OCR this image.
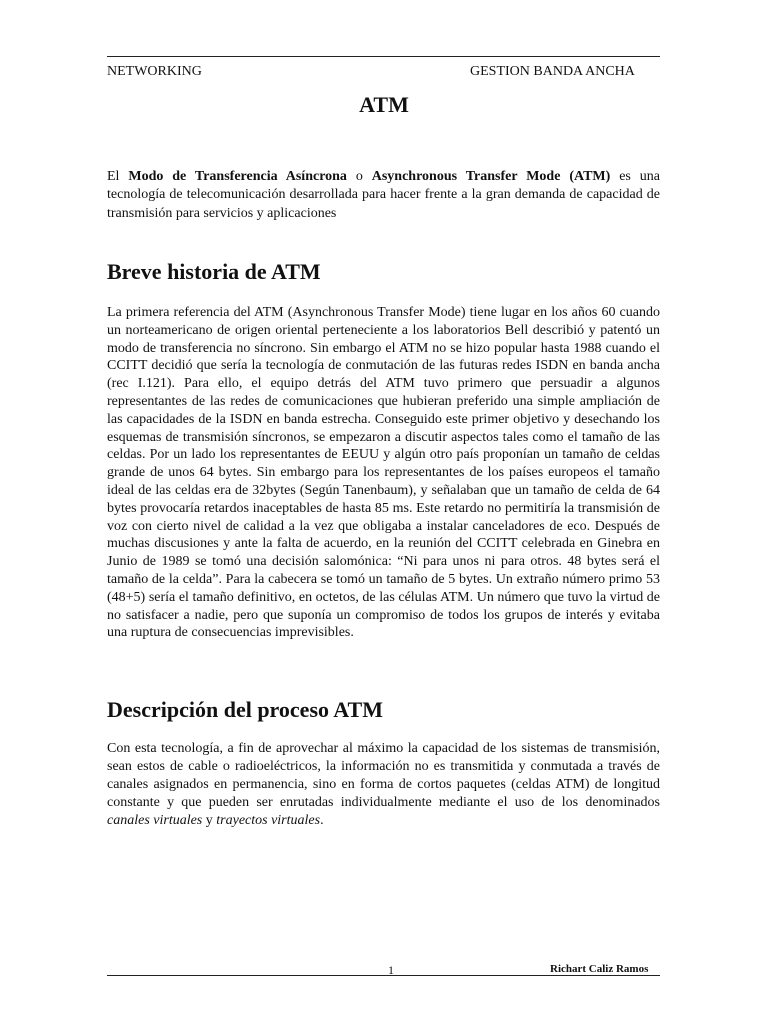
NETWORKING	GESTION BANDA ANCHA
ATM

El Modo de Transferencia Asíncrona o Asynchronous Transfer Mode (ATM) es una tecnología de telecomunicación desarrollada para hacer frente a la gran demanda de capacidad de transmisión para servicios y aplicaciones

Breve historia de ATM

La primera referencia del ATM (Asynchronous Transfer Mode) tiene lugar en los años 60 cuando un norteamericano de origen oriental perteneciente a los laboratorios Bell describió y patentó un modo de transferencia no síncrono. Sin embargo el ATM no se hizo popular hasta 1988 cuando el CCITT decidió que sería la tecnología de conmutación de las futuras redes ISDN en banda ancha (rec I.121). Para ello, el equipo detrás del ATM tuvo primero que persuadir a algunos representantes de las redes de comunicaciones que hubieran preferido una simple ampliación de las capacidades de la ISDN en banda estrecha. Conseguido este primer objetivo y desechando los esquemas de transmisión síncronos, se empezaron a discutir aspectos tales como el tamaño de las celdas. Por un lado los representantes de EEUU y algún otro país proponían un tamaño de celdas grande de unos 64 bytes. Sin embargo para los representantes de los países europeos el tamaño ideal de las celdas era de 32bytes (Según Tanenbaum), y señalaban que un tamaño de celda de 64 bytes provocaría retardos inaceptables de hasta 85 ms. Este retardo no permitiría la transmisión de voz con cierto nivel de calidad a la vez que obligaba a instalar canceladores de eco. Después de muchas discusiones y ante la falta de acuerdo, en la reunión del CCITT celebrada en Ginebra en Junio de 1989 se tomó una decisión salomónica: “Ni para unos ni para otros. 48 bytes será el tamaño de la celda”. Para la cabecera se tomó un tamaño de 5 bytes. Un extraño número primo 53 (48+5) sería el tamaño definitivo, en octetos, de las células ATM. Un número que tuvo la virtud de no satisfacer a nadie, pero que suponía un compromiso de todos los grupos de interés y evitaba una ruptura de consecuencias imprevisibles.

Descripción del proceso ATM

Con esta tecnología, a fin de aprovechar al máximo la capacidad de los sistemas de transmisión, sean estos de cable o radioeléctricos, la información no es transmitida y conmutada a través de canales asignados en permanencia, sino en forma de cortos paquetes (celdas ATM) de longitud constante y que pueden ser enrutadas individualmente mediante el uso de los denominados canales virtuales y trayectos virtuales.

1	Richart Caliz Ramos
